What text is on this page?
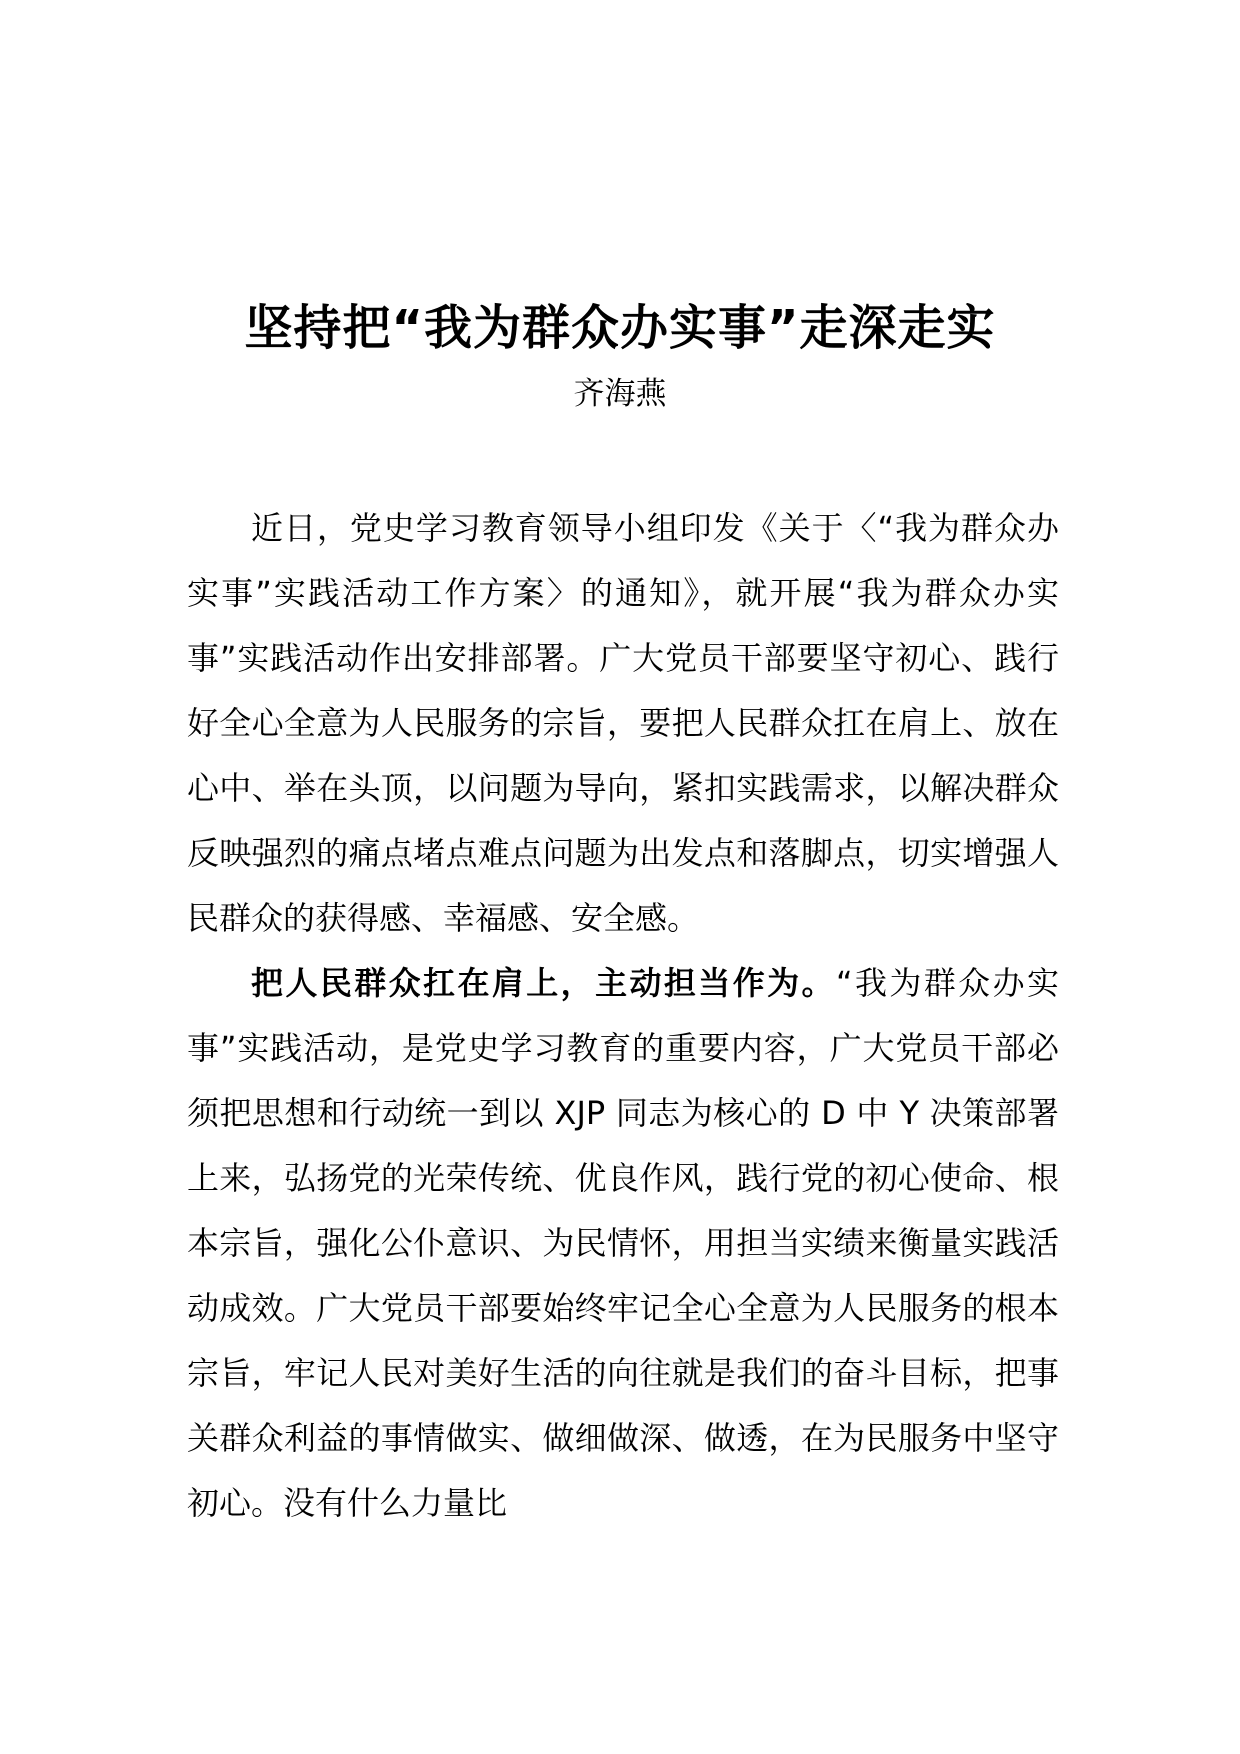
坚持把“我为群众办实事”走深走实
齐海燕

近日，党史学习教育领导小组印发《关于〈“我为群众办实事”实践活动工作方案〉的通知》，就开展“我为群众办实事”实践活动作出安排部署。广大党员干部要坚守初心、践行好全心全意为人民服务的宗旨，要把人民群众扛在肩上、放在心中、举在头顶，以问题为导向，紧扣实践需求，以解决群众反映强烈的痛点堵点难点问题为出发点和落脚点，切实增强人民群众的获得感、幸福感、安全感。

把人民群众扛在肩上，主动担当作为。“我为群众办实事”实践活动，是党史学习教育的重要内容，广大党员干部必须把思想和行动统一到以 XJP 同志为核心的 D 中 Y 决策部署上来，弘扬党的光荣传统、优良作风，践行党的初心使命、根本宗旨，强化公仆意识、为民情怀，用担当实绩来衡量实践活动成效。广大党员干部要始终牢记全心全意为人民服务的根本宗旨，牢记人民对美好生活的向往就是我们的奋斗目标，把事关群众利益的事情做实、做细做深、做透，在为民服务中坚守初心。没有什么力量比
